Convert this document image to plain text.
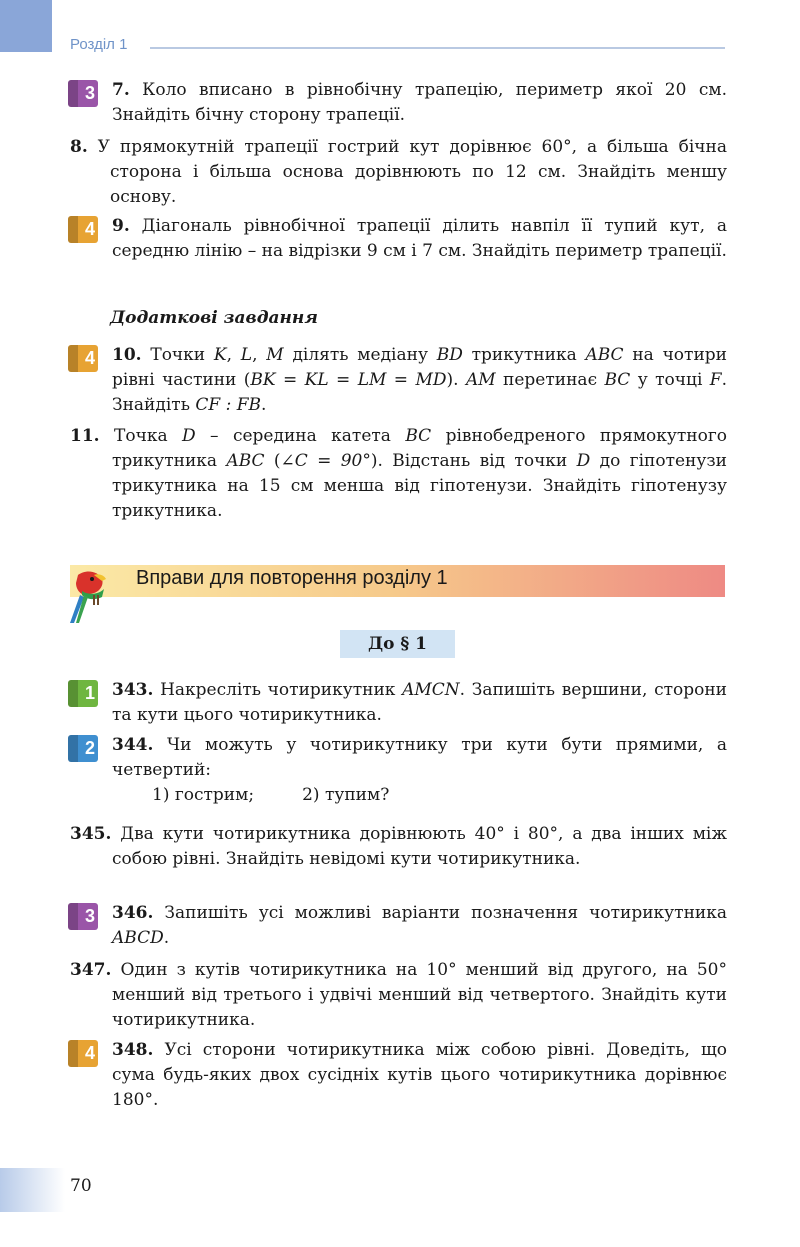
Розділ 1
3	7. Коло вписано в рівнобічну трапецію, периметр якої 20 см. Знайдіть бічну сторону трапеції.
8. У прямокутній трапеції гострий кут дорівнює 60°, а більша бічна сторона і більша основа дорівнюють по 12 см. Знайдіть меншу основу.
4	9. Діагональ рівнобічної трапеції ділить навпіл її тупий кут, а середню лінію – на відрізки 9 см і 7 см. Знайдіть периметр трапеції.
Додаткові завдання
4	10. Точки K, L, M ділять медіану BD трикутника ABC на чотири рівні частини (BK = KL = LM = MD). AM перетинає BC у точці F. Знайдіть CF : FB.
11. Точка D – середина катета BC рівнобедреного прямокутного трикутника ABC (∠C = 90°). Відстань від точки D до гіпотенузи трикутника на 15 см менша від гіпотенузи. Знайдіть гіпотенузу трикутника.
Вправи для повторення розділу 1
До § 1
1	343. Накресліть чотирикутник AMCN. Запишіть вершини, сторони та кути цього чотирикутника.
2	344. Чи можуть у чотирикутнику три кути бути прямими, а четвертий:
1) гострим;	2) тупим?
345. Два кути чотирикутника дорівнюють 40° і 80°, а два інших між собою рівні. Знайдіть невідомі кути чотирикутника.
3	346. Запишіть усі можливі варіанти позначення чотирикутника ABCD.
347. Один з кутів чотирикутника на 10° менший від другого, на 50° менший від третього і удвічі менший від четвертого. Знайдіть кути чотирикутника.
4	348. Усі сторони чотирикутника між собою рівні. Доведіть, що сума будь-яких двох сусідніх кутів цього чотирикутника дорівнює 180°.
70
